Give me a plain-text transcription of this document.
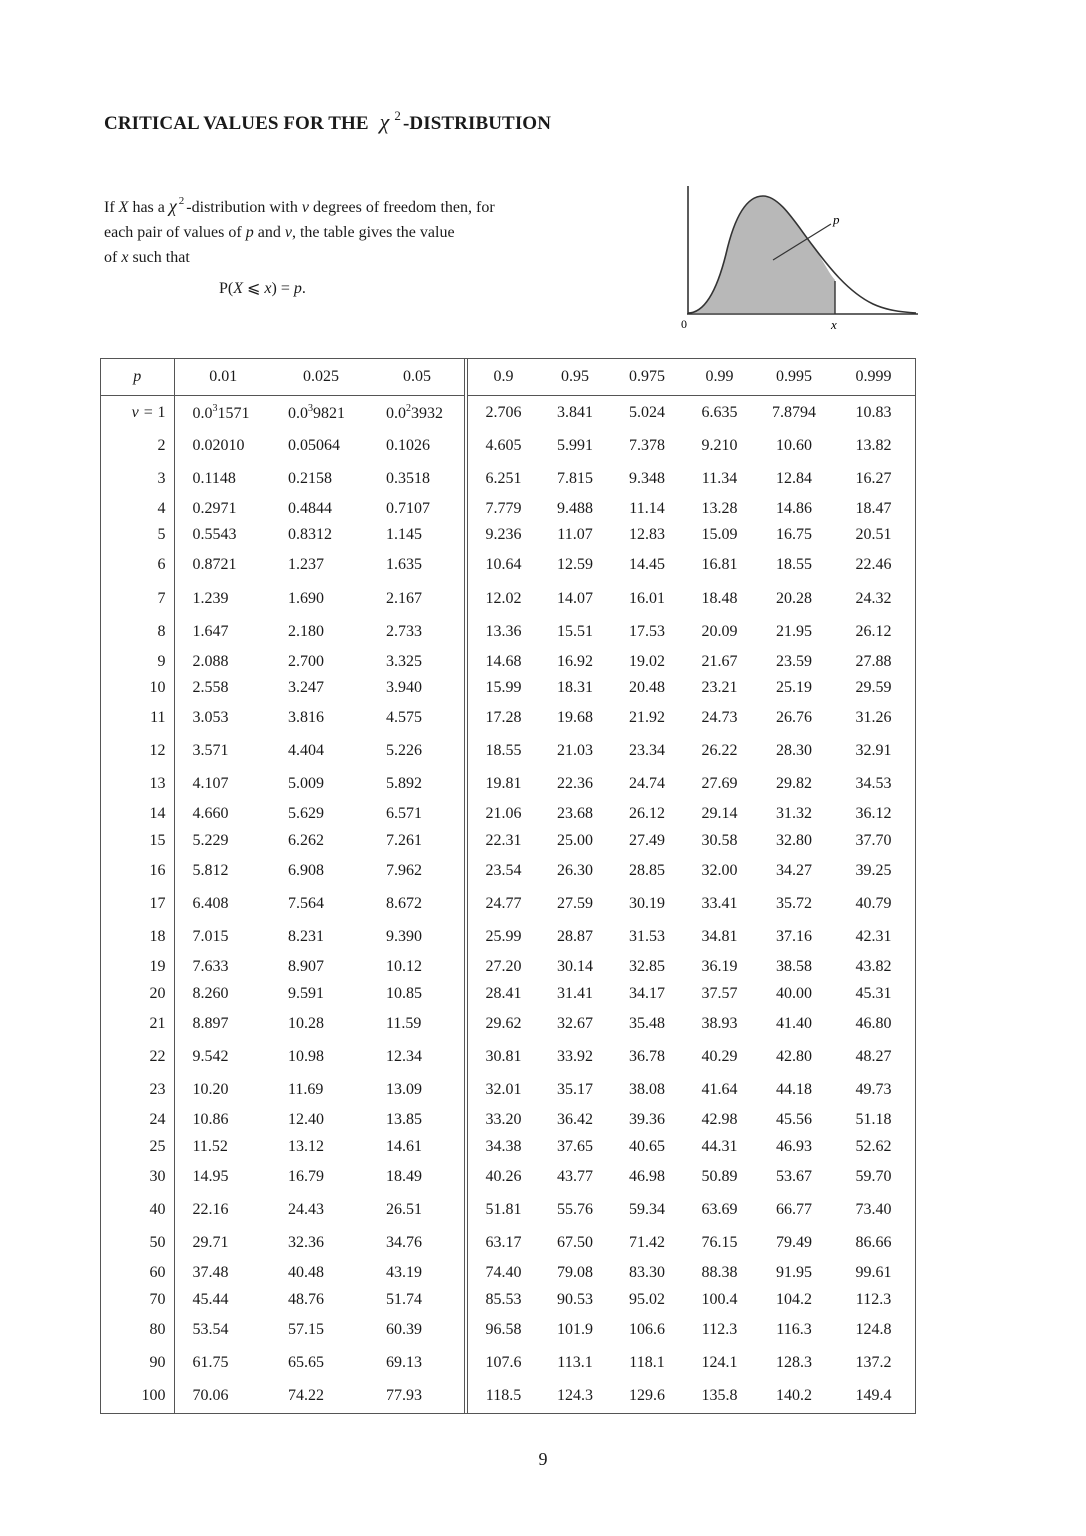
CRITICAL VALUES FOR THE χ $^2$ -DISTRIBUTION

If X has a χ $^2$ -distribution with ν degrees of freedom then, for

each pair of values of p and ν, the table gives the value

of x such that

P(X ⩽ x) = p.
p
0	x
p	0.01	0.025	0.05	0.9	0.95	0.975	0.99	0.995	0.999
ν = 1	$0.0^31571$	$0.0^39821$	$0.0^23932$	2.706	3.841	5.024	6.635	7.8794	10.83
2	0.02010	0.05064	0.1026	4.605	5.991	7.378	9.210	10.60	13.82
3	0.1148	0.2158	0.3518	6.251	7.815	9.348	11.34	12.84	16.27
4	0.2971	0.4844	0.7107	7.779	9.488	11.14	13.28	14.86	18.47
5	0.5543	0.8312	1.145	9.236	11.07	12.83	15.09	16.75	20.51
6	0.8721	1.237	1.635	10.64	12.59	14.45	16.81	18.55	22.46
7	1.239	1.690	2.167	12.02	14.07	16.01	18.48	20.28	24.32
8	1.647	2.180	2.733	13.36	15.51	17.53	20.09	21.95	26.12
9	2.088	2.700	3.325	14.68	16.92	19.02	21.67	23.59	27.88
10	2.558	3.247	3.940	15.99	18.31	20.48	23.21	25.19	29.59
11	3.053	3.816	4.575	17.28	19.68	21.92	24.73	26.76	31.26
12	3.571	4.404	5.226	18.55	21.03	23.34	26.22	28.30	32.91
13	4.107	5.009	5.892	19.81	22.36	24.74	27.69	29.82	34.53
14	4.660	5.629	6.571	21.06	23.68	26.12	29.14	31.32	36.12
15	5.229	6.262	7.261	22.31	25.00	27.49	30.58	32.80	37.70
16	5.812	6.908	7.962	23.54	26.30	28.85	32.00	34.27	39.25
17	6.408	7.564	8.672	24.77	27.59	30.19	33.41	35.72	40.79
18	7.015	8.231	9.390	25.99	28.87	31.53	34.81	37.16	42.31
19	7.633	8.907	10.12	27.20	30.14	32.85	36.19	38.58	43.82
20	8.260	9.591	10.85	28.41	31.41	34.17	37.57	40.00	45.31
21	8.897	10.28	11.59	29.62	32.67	35.48	38.93	41.40	46.80
22	9.542	10.98	12.34	30.81	33.92	36.78	40.29	42.80	48.27
23	10.20	11.69	13.09	32.01	35.17	38.08	41.64	44.18	49.73
24	10.86	12.40	13.85	33.20	36.42	39.36	42.98	45.56	51.18
25	11.52	13.12	14.61	34.38	37.65	40.65	44.31	46.93	52.62
30	14.95	16.79	18.49	40.26	43.77	46.98	50.89	53.67	59.70
40	22.16	24.43	26.51	51.81	55.76	59.34	63.69	66.77	73.40
50	29.71	32.36	34.76	63.17	67.50	71.42	76.15	79.49	86.66
60	37.48	40.48	43.19	74.40	79.08	83.30	88.38	91.95	99.61
70	45.44	48.76	51.74	85.53	90.53	95.02	100.4	104.2	112.3
80	53.54	57.15	60.39	96.58	101.9	106.6	112.3	116.3	124.8
90	61.75	65.65	69.13	107.6	113.1	118.1	124.1	128.3	137.2
100	70.06	74.22	77.93	118.5	124.3	129.6	135.8	140.2	149.4
9
